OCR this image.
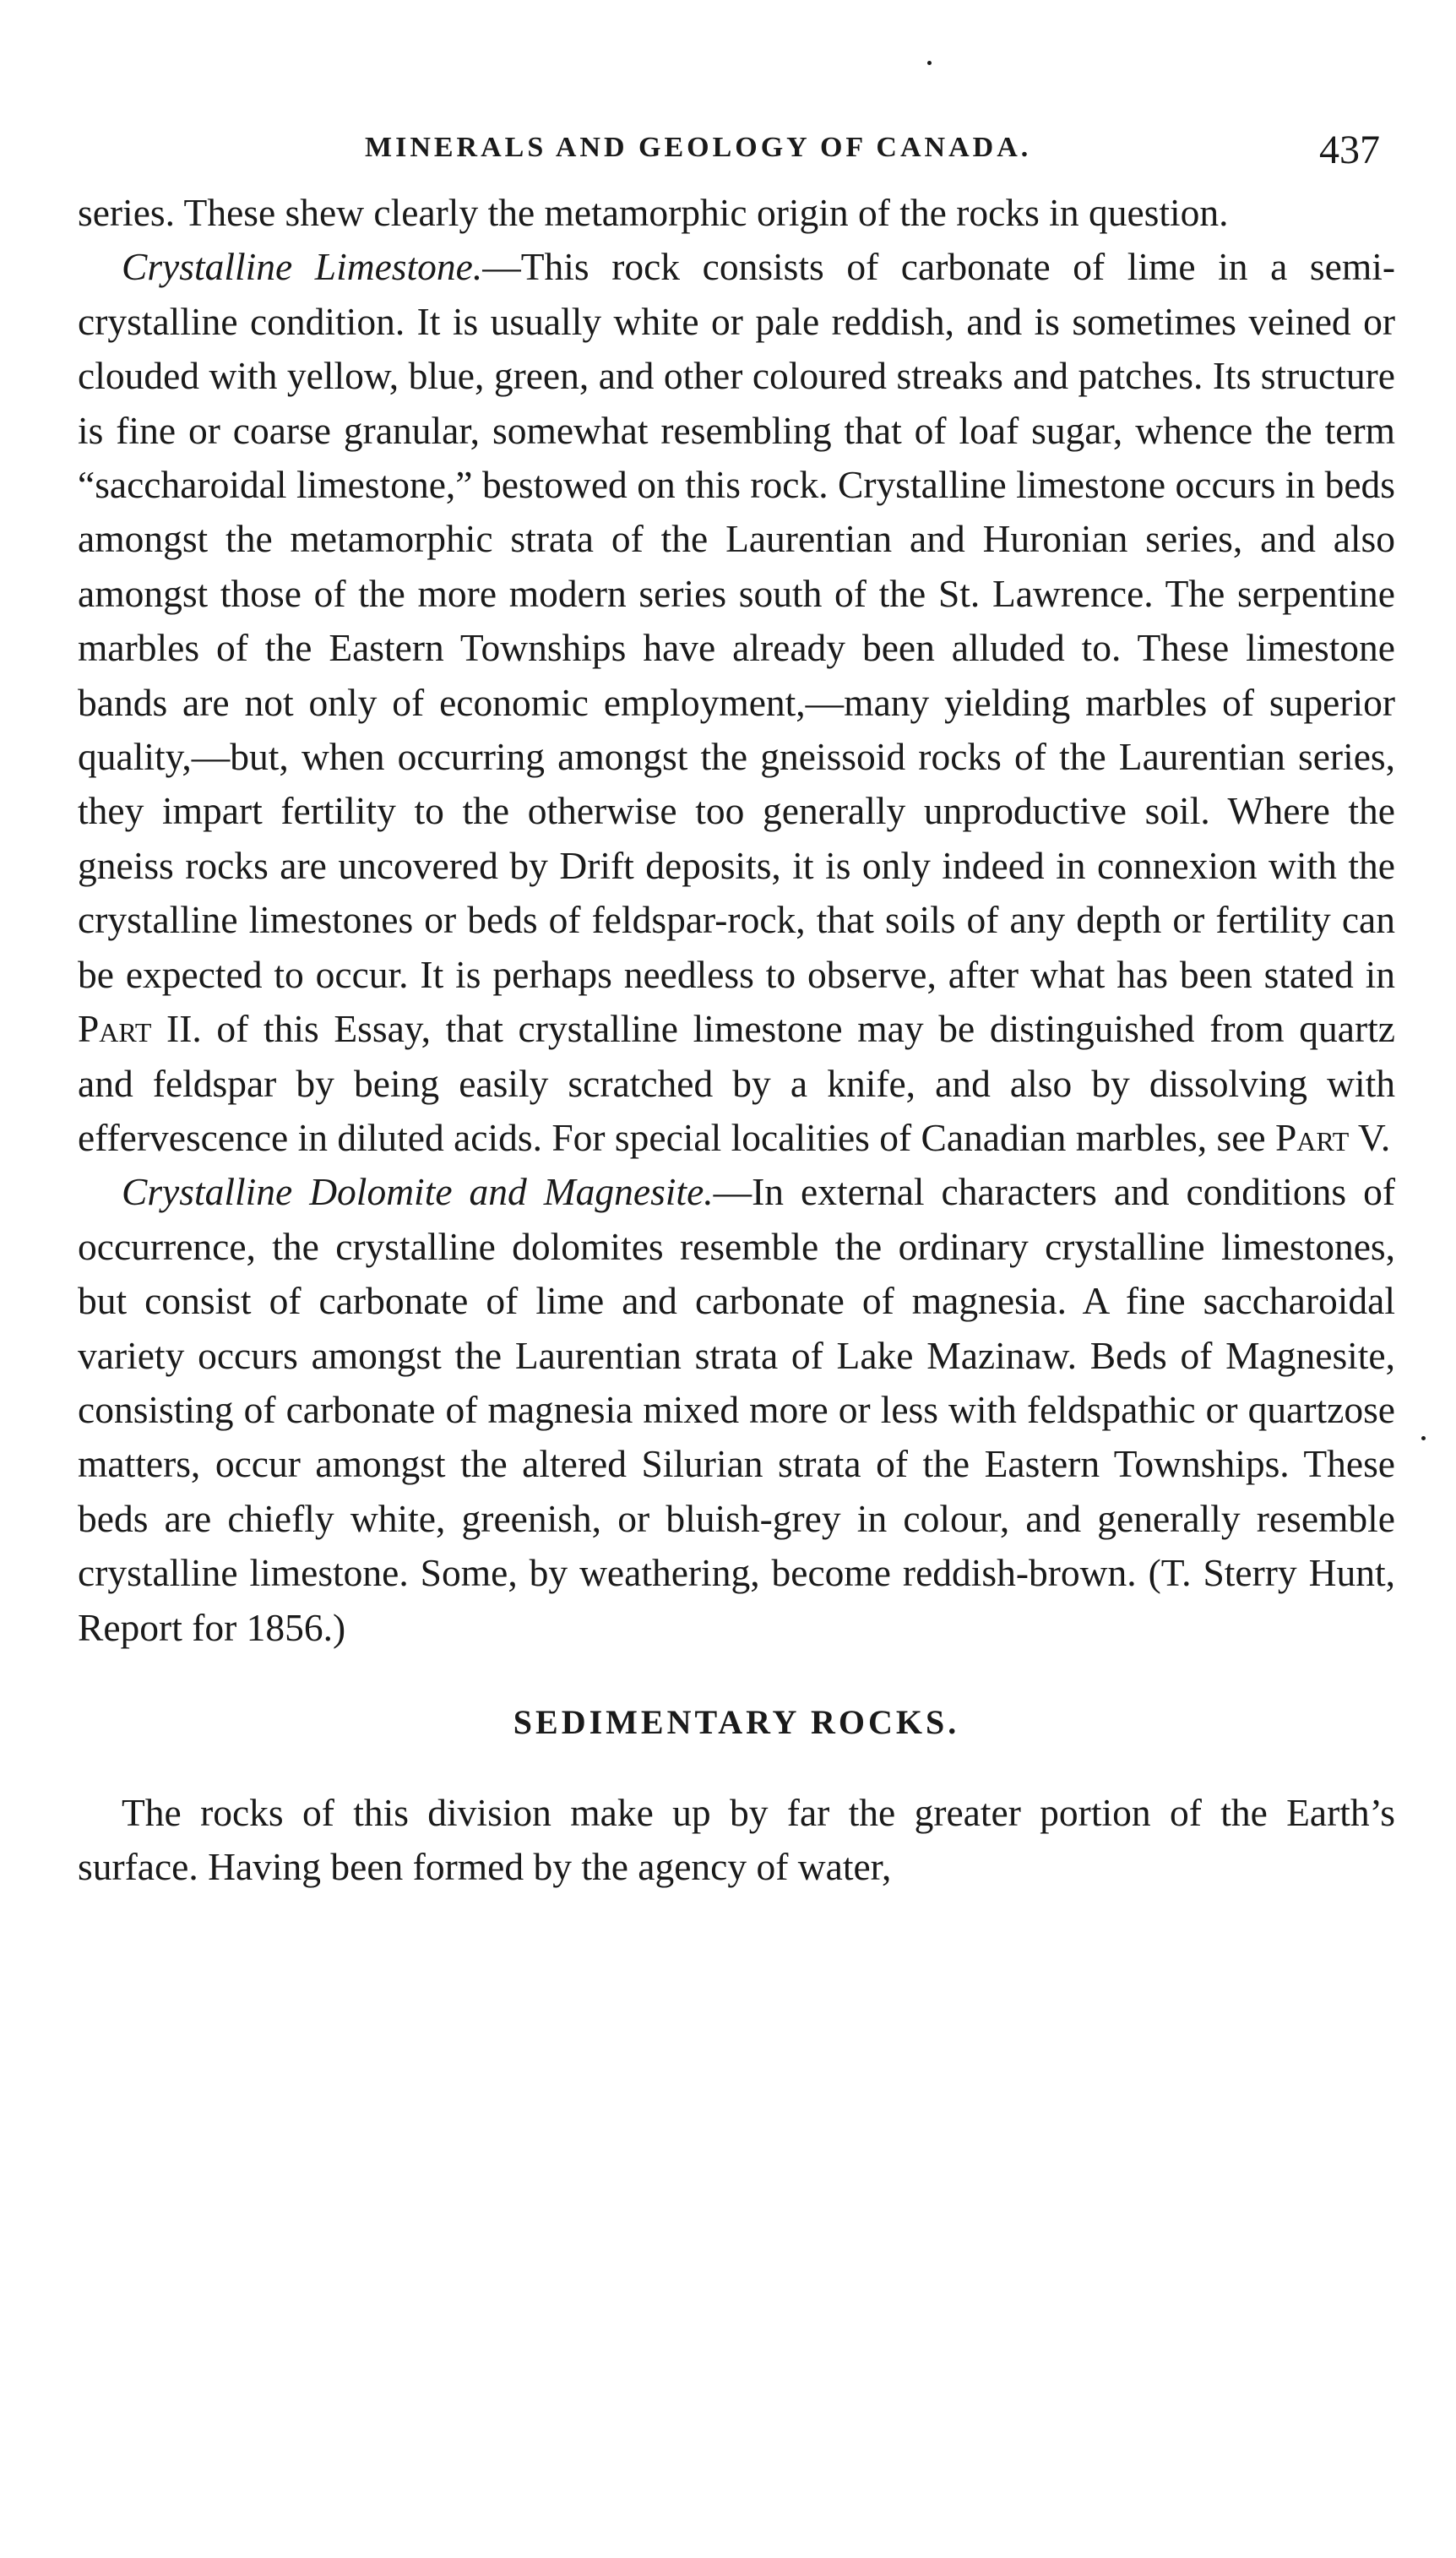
MINERALS AND GEOLOGY OF CANADA.	437

series. These shew clearly the metamorphic origin of the rocks in question.

Crystalline Limestone.—This rock consists of carbonate of lime in a semi-crystalline condition. It is usually white or pale reddish, and is sometimes veined or clouded with yellow, blue, green, and other coloured streaks and patches. Its structure is fine or coarse granular, somewhat resembling that of loaf sugar, whence the term “saccharoidal limestone,” bestowed on this rock. Crystalline limestone occurs in beds amongst the metamorphic strata of the Laurentian and Huronian series, and also amongst those of the more modern series south of the St. Lawrence. The serpentine marbles of the Eastern Townships have already been alluded to. These limestone bands are not only of economic employment,—many yielding marbles of superior quality,—but, when occurring amongst the gneissoid rocks of the Laurentian series, they impart fertility to the otherwise too generally unproductive soil. Where the gneiss rocks are uncovered by Drift deposits, it is only indeed in connexion with the crystalline limestones or beds of feldspar-rock, that soils of any depth or fertility can be expected to occur. It is perhaps needless to observe, after what has been stated in Part II. of this Essay, that crystalline limestone may be distinguished from quartz and feldspar by being easily scratched by a knife, and also by dissolving with effervescence in diluted acids. For special localities of Canadian marbles, see Part V.

Crystalline Dolomite and Magnesite.—In external characters and conditions of occurrence, the crystalline dolomites resemble the ordinary crystalline limestones, but consist of carbonate of lime and carbonate of magnesia. A fine saccharoidal variety occurs amongst the Laurentian strata of Lake Mazinaw. Beds of Magnesite, consisting of carbonate of magnesia mixed more or less with feldspathic or quartzose matters, occur amongst the altered Silurian strata of the Eastern Townships. These beds are chiefly white, greenish, or bluish-grey in colour, and generally resemble crystalline limestone. Some, by weathering, become reddish-brown. (T. Sterry Hunt, Report for 1856.)

SEDIMENTARY ROCKS.

The rocks of this division make up by far the greater portion of the Earth’s surface. Having been formed by the agency of water,
